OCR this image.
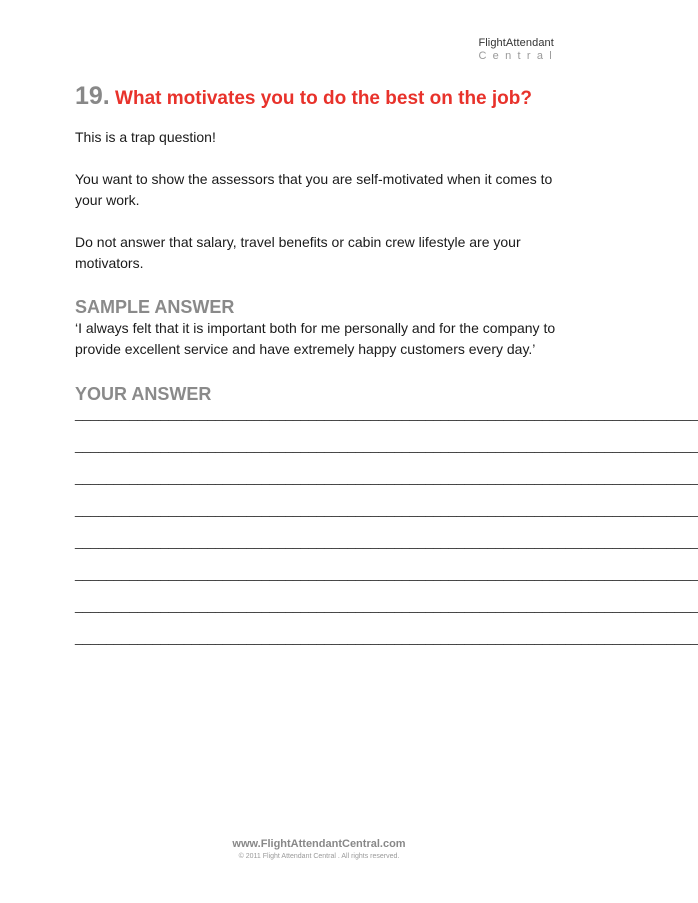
FlightAttendant
Central
19. What motivates you to do the best on the job?

This is a trap question!

You want to show the assessors that you are self-motivated when it comes to your work.

Do not answer that salary, travel benefits or cabin crew lifestyle are your motivators.

SAMPLE ANSWER

‘I always felt that it is important both for me personally and for the company to provide excellent service and have extremely happy customers every day.’

YOUR ANSWER
________________________________________________________________________________
________________________________________________________________________________
________________________________________________________________________________
________________________________________________________________________________
________________________________________________________________________________
________________________________________________________________________________
________________________________________________________________________________
________________________________________________________________________________
www.FlightAttendantCentral.com
© 2011 Flight Attendant Central . All rights reserved.
